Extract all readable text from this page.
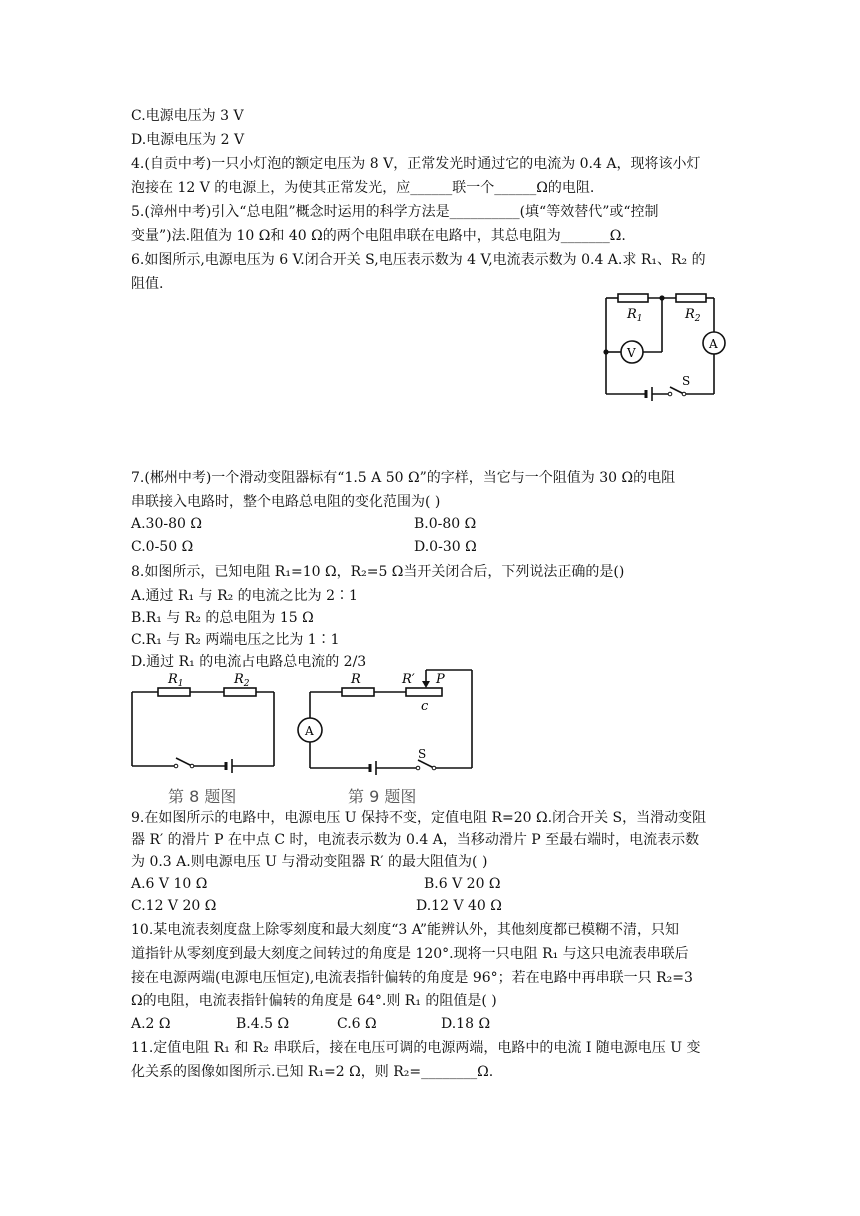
C.电源电压为 3 V
D.电源电压为 2 V
4.(自贡中考)一只小灯泡的额定电压为 8 V，正常发光时通过它的电流为 0.4 A，现将该小灯
泡接在 12 V 的电源上，为使其正常发光，应______联一个______Ω的电阻.
5.(漳州中考)引入“总电阻”概念时运用的科学方法是__________(填“等效替代”或“控制
变量”)法.阻值为 10 Ω和 40 Ω的两个电阻串联在电路中，其总电阻为_______Ω.
6.如图所示,电源电压为 6 V.闭合开关 S,电压表示数为 4 V,电流表示数为 0.4 A.求 R₁、R₂ 的
阻值.
$R_1$	$R_2$
V
A
S
7.(郴州中考)一个滑动变阻器标有“1.5 A 50 Ω”的字样，当它与一个阻值为 30 Ω的电阻
串联接入电路时，整个电路总电阻的变化范围为( )
A.30-80 Ω	B.0-80 Ω
C.0-50 Ω	D.0-30 Ω
8.如图所示，已知电阻 R₁=10 Ω，R₂=5 Ω当开关闭合后，下列说法正确的是()
A.通过 R₁ 与 R₂ 的电流之比为 2∶1
B.R₁ 与 R₂ 的总电阻为 15 Ω
C.R₁ 与 R₂ 两端电压之比为 1∶1
D.通过 R₁ 的电流占电路总电流的 2/3
$R_1$	$R_2$
第 8 题图
R	R′ P
c
A
S
第 9 题图
9.在如图所示的电路中，电源电压 U 保持不变，定值电阻 R=20 Ω.闭合开关 S，当滑动变阻
器 R′ 的滑片 P 在中点 C 时，电流表示数为 0.4 A，当移动滑片 P 至最右端时，电流表示数
为 0.3 A.则电源电压 U 与滑动变阻器 R′ 的最大阻值为( )
A.6 V 10 Ω	B.6 V 20 Ω
C.12 V 20 Ω	D.12 V 40 Ω
10.某电流表刻度盘上除零刻度和最大刻度“3 A”能辨认外，其他刻度都已模糊不清，只知
道指针从零刻度到最大刻度之间转过的角度是 120°.现将一只电阻 R₁ 与这只电流表串联后
接在电源两端(电源电压恒定),电流表指针偏转的角度是 96°；若在电路中再串联一只 R₂=3
Ω的电阻，电流表指针偏转的角度是 64°.则 R₁ 的阻值是( )
A.2 Ω	B.4.5 Ω	C.6 Ω	D.18 Ω
11.定值电阻 R₁ 和 R₂ 串联后，接在电压可调的电源两端，电路中的电流 I 随电源电压 U 变
化关系的图像如图所示.已知 R₁=2 Ω，则 R₂=________Ω.
